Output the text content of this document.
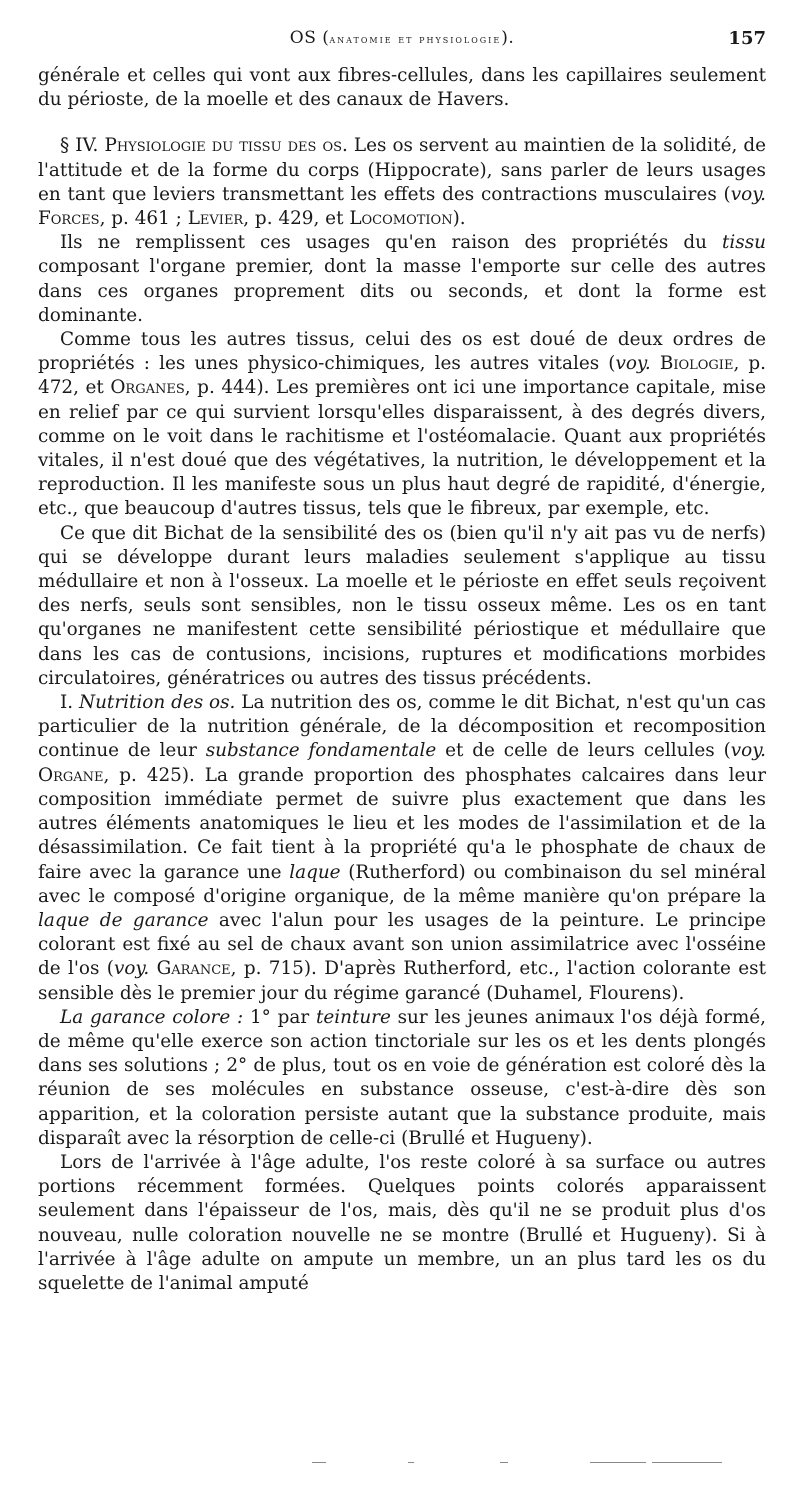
OS (anatomie et physiologie).	157

générale et celles qui vont aux fibres-cellules, dans les capillaires seulement du périoste, de la moelle et des canaux de Havers.

§ IV. Physiologie du tissu des os. Les os servent au maintien de la solidité, de l'attitude et de la forme du corps (Hippocrate), sans parler de leurs usages en tant que leviers transmettant les effets des contractions musculaires (voy. Forces, p. 461 ; Levier, p. 429, et Locomotion).

Ils ne remplissent ces usages qu'en raison des propriétés du tissu composant l'organe premier, dont la masse l'emporte sur celle des autres dans ces organes proprement dits ou seconds, et dont la forme est dominante.

Comme tous les autres tissus, celui des os est doué de deux ordres de propriétés : les unes physico-chimiques, les autres vitales (voy. Biologie, p. 472, et Organes, p. 444). Les premières ont ici une importance capitale, mise en relief par ce qui survient lorsqu'elles disparaissent, à des degrés divers, comme on le voit dans le rachitisme et l'ostéomalacie. Quant aux propriétés vitales, il n'est doué que des végétatives, la nutrition, le développement et la reproduction. Il les manifeste sous un plus haut degré de rapidité, d'énergie, etc., que beaucoup d'autres tissus, tels que le fibreux, par exemple, etc.

Ce que dit Bichat de la sensibilité des os (bien qu'il n'y ait pas vu de nerfs) qui se développe durant leurs maladies seulement s'applique au tissu médullaire et non à l'osseux. La moelle et le périoste en effet seuls reçoivent des nerfs, seuls sont sensibles, non le tissu osseux même. Les os en tant qu'organes ne manifestent cette sensibilité périostique et médullaire que dans les cas de contusions, incisions, ruptures et modifications morbides circulatoires, génératrices ou autres des tissus précédents.

I. Nutrition des os. La nutrition des os, comme le dit Bichat, n'est qu'un cas particulier de la nutrition générale, de la décomposition et recomposition continue de leur substance fondamentale et de celle de leurs cellules (voy. Organe, p. 425). La grande proportion des phosphates calcaires dans leur composition immédiate permet de suivre plus exactement que dans les autres éléments anatomiques le lieu et les modes de l'assimilation et de la désassimilation. Ce fait tient à la propriété qu'a le phosphate de chaux de faire avec la garance une laque (Rutherford) ou combinaison du sel minéral avec le composé d'origine organique, de la même manière qu'on prépare la laque de garance avec l'alun pour les usages de la peinture. Le principe colorant est fixé au sel de chaux avant son union assimilatrice avec l'osséine de l'os (voy. Garance, p. 715). D'après Rutherford, etc., l'action colorante est sensible dès le premier jour du régime garancé (Duhamel, Flourens).

La garance colore : 1° par teinture sur les jeunes animaux l'os déjà formé, de même qu'elle exerce son action tinctoriale sur les os et les dents plongés dans ses solutions ; 2° de plus, tout os en voie de génération est coloré dès la réunion de ses molécules en substance osseuse, c'est-à-dire dès son apparition, et la coloration persiste autant que la substance produite, mais disparaît avec la résorption de celle-ci (Brullé et Hugueny).

Lors de l'arrivée à l'âge adulte, l'os reste coloré à sa surface ou autres portions récemment formées. Quelques points colorés apparaissent seulement dans l'épaisseur de l'os, mais, dès qu'il ne se produit plus d'os nouveau, nulle coloration nouvelle ne se montre (Brullé et Hugueny). Si à l'arrivée à l'âge adulte on ampute un membre, un an plus tard les os du squelette de l'animal amputé
